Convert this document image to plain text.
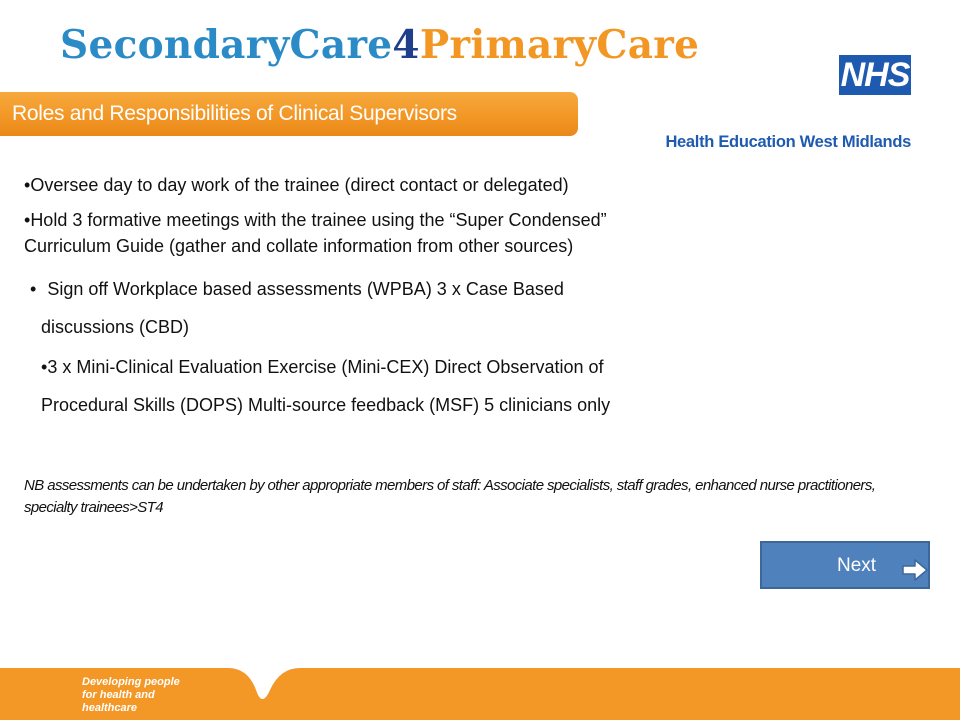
SecondaryCare4PrimaryCare
NHS
Health Education West Midlands
Roles and Responsibilities of Clinical Supervisors

•Oversee day to day work of the trainee (direct contact or delegated)

•Hold 3 formative meetings with the trainee using the “Super Condensed”
Curriculum Guide (gather and collate information from other sources)

• Sign off Workplace based assessments (WPBA) 3 x Case Based
discussions (CBD)

•3 x Mini-Clinical Evaluation Exercise (Mini-CEX) Direct Observation of
Procedural Skills (DOPS) Multi-source feedback (MSF) 5 clinicians only

NB assessments can be undertaken by other appropriate members of staff: Associate specialists, staff grades, enhanced nurse practitioners, specialty trainees>ST4

Next
Developing people
for health and
healthcare
